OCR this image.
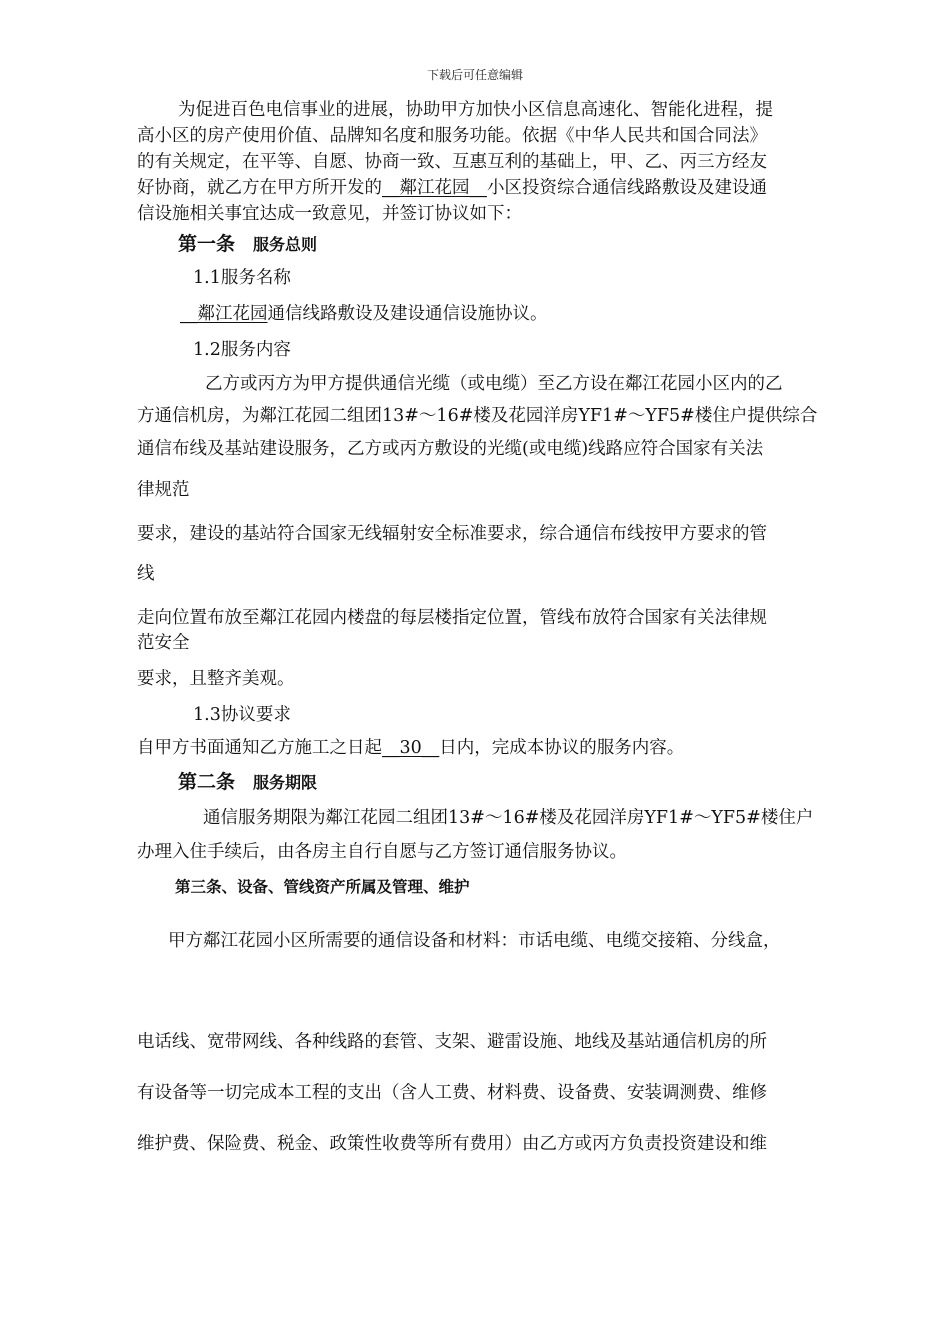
下载后可任意编辑
为促进百色电信事业的进展，协助甲方加快小区信息高速化、智能化进程，提
高小区的房产使用价值、品牌知名度和服务功能。依据《中华人民共和国合同法》
的有关规定，在平等、自愿、协商一致、互惠互利的基础上，甲、乙、丙三方经友
好协商，就乙方在甲方所开发的__鄰江花园__小区投资综合通信线路敷设及建设通
信设施相关事宜达成一致意见，并签订协议如下：
第一条 服务总则
1.1服务名称
__鄰江花园通信线路敷设及建设通信设施协议。
1.2服务内容
乙方或丙方为甲方提供通信光缆（或电缆）至乙方设在鄰江花园小区内的乙
方通信机房，为鄰江花园二组团13#～16#楼及花园洋房YF1#～YF5#楼住户提供综合
通信布线及基站建设服务，乙方或丙方敷设的光缆(或电缆)线路应符合国家有关法
律规范
要求，建设的基站符合国家无线辐射安全标准要求，综合通信布线按甲方要求的管
线
走向位置布放至鄰江花园内楼盘的每层楼指定位置，管线布放符合国家有关法律规
范安全
要求，且整齐美观。
1.3协议要求
自甲方书面通知乙方施工之日起__30__日内，完成本协议的服务内容。
第二条 服务期限
通信服务期限为鄰江花园二组团13#～16#楼及花园洋房YF1#～YF5#楼住户
办理入住手续后，由各房主自行自愿与乙方签订通信服务协议。
第三条、设备、管线资产所属及管理、维护
甲方鄰江花园小区所需要的通信设备和材料：市话电缆、电缆交接箱、分线盒，
电话线、宽带网线、各种线路的套管、支架、避雷设施、地线及基站通信机房的所
有设备等一切完成本工程的支出（含人工费、材料费、设备费、安装调测费、维修
维护费、保险费、税金、政策性收费等所有费用）由乙方或丙方负责投资建设和维
